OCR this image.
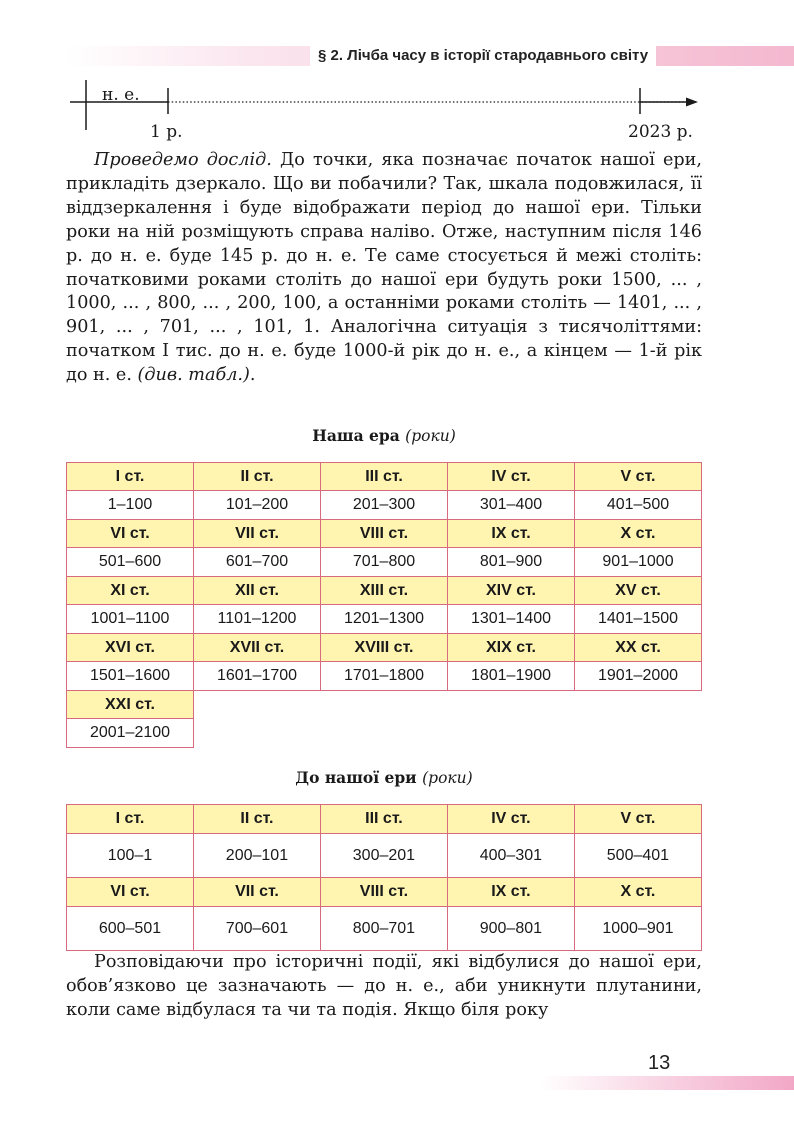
§ 2. Лічба часу в історії стародавнього світу
н. е.
1 р.	2023 р.

Проведемо дослід. До точки, яка позначає початок нашої ери, прикладіть дзеркало. Що ви побачили? Так, шкала подовжилася, її віддзеркалення і буде відображати період до нашої ери. Тільки роки на ній розміщують справа наліво. Отже, наступним після 146 р. до н. е. буде 145 р. до н. е. Те саме стосується й межі століть: початковими роками століть до нашої ери будуть роки 1500, ... , 1000, ... , 800, ... , 200, 100, а останніми роками століть — 1401, ... , 901, ... , 701, ... , 101, 1. Аналогічна ситуація з тисячоліттями: початком I тис. до н. е. буде 1000-й рік до н. е., а кінцем — 1-й рік до н. е. (див. табл.).

Наша ера (роки)
I ст.	II ст.	III ст.	IV ст.	V ст.
1–100	101–200	201–300	301–400	401–500
VI ст.	VII ст.	VIII ст.	IX ст.	X ст.
501–600	601–700	701–800	801–900	901–1000
XI ст.	XII ст.	XIII ст.	XIV ст.	XV ст.
1001–1100	1101–1200	1201–1300	1301–1400	1401–1500
XVI ст.	XVII ст.	XVIII ст.	XIX ст.	XX ст.
1501–1600	1601–1700	1701–1800	1801–1900	1901–2000
XXI ст.				
2001–2100				
До нашої ери (роки)
I ст.	II ст.	III ст.	IV ст.	V ст.
100–1	200–101	300–201	400–301	500–401
VI ст.	VII ст.	VIII ст.	IX ст.	X ст.
600–501	700–601	800–701	900–801	1000–901

Розповідаючи про історичні події, які відбулися до нашої ери, обов’язково це зазначають — до н. е., аби уникнути плутанини, коли саме відбулася та чи та подія. Якщо біля року

13
